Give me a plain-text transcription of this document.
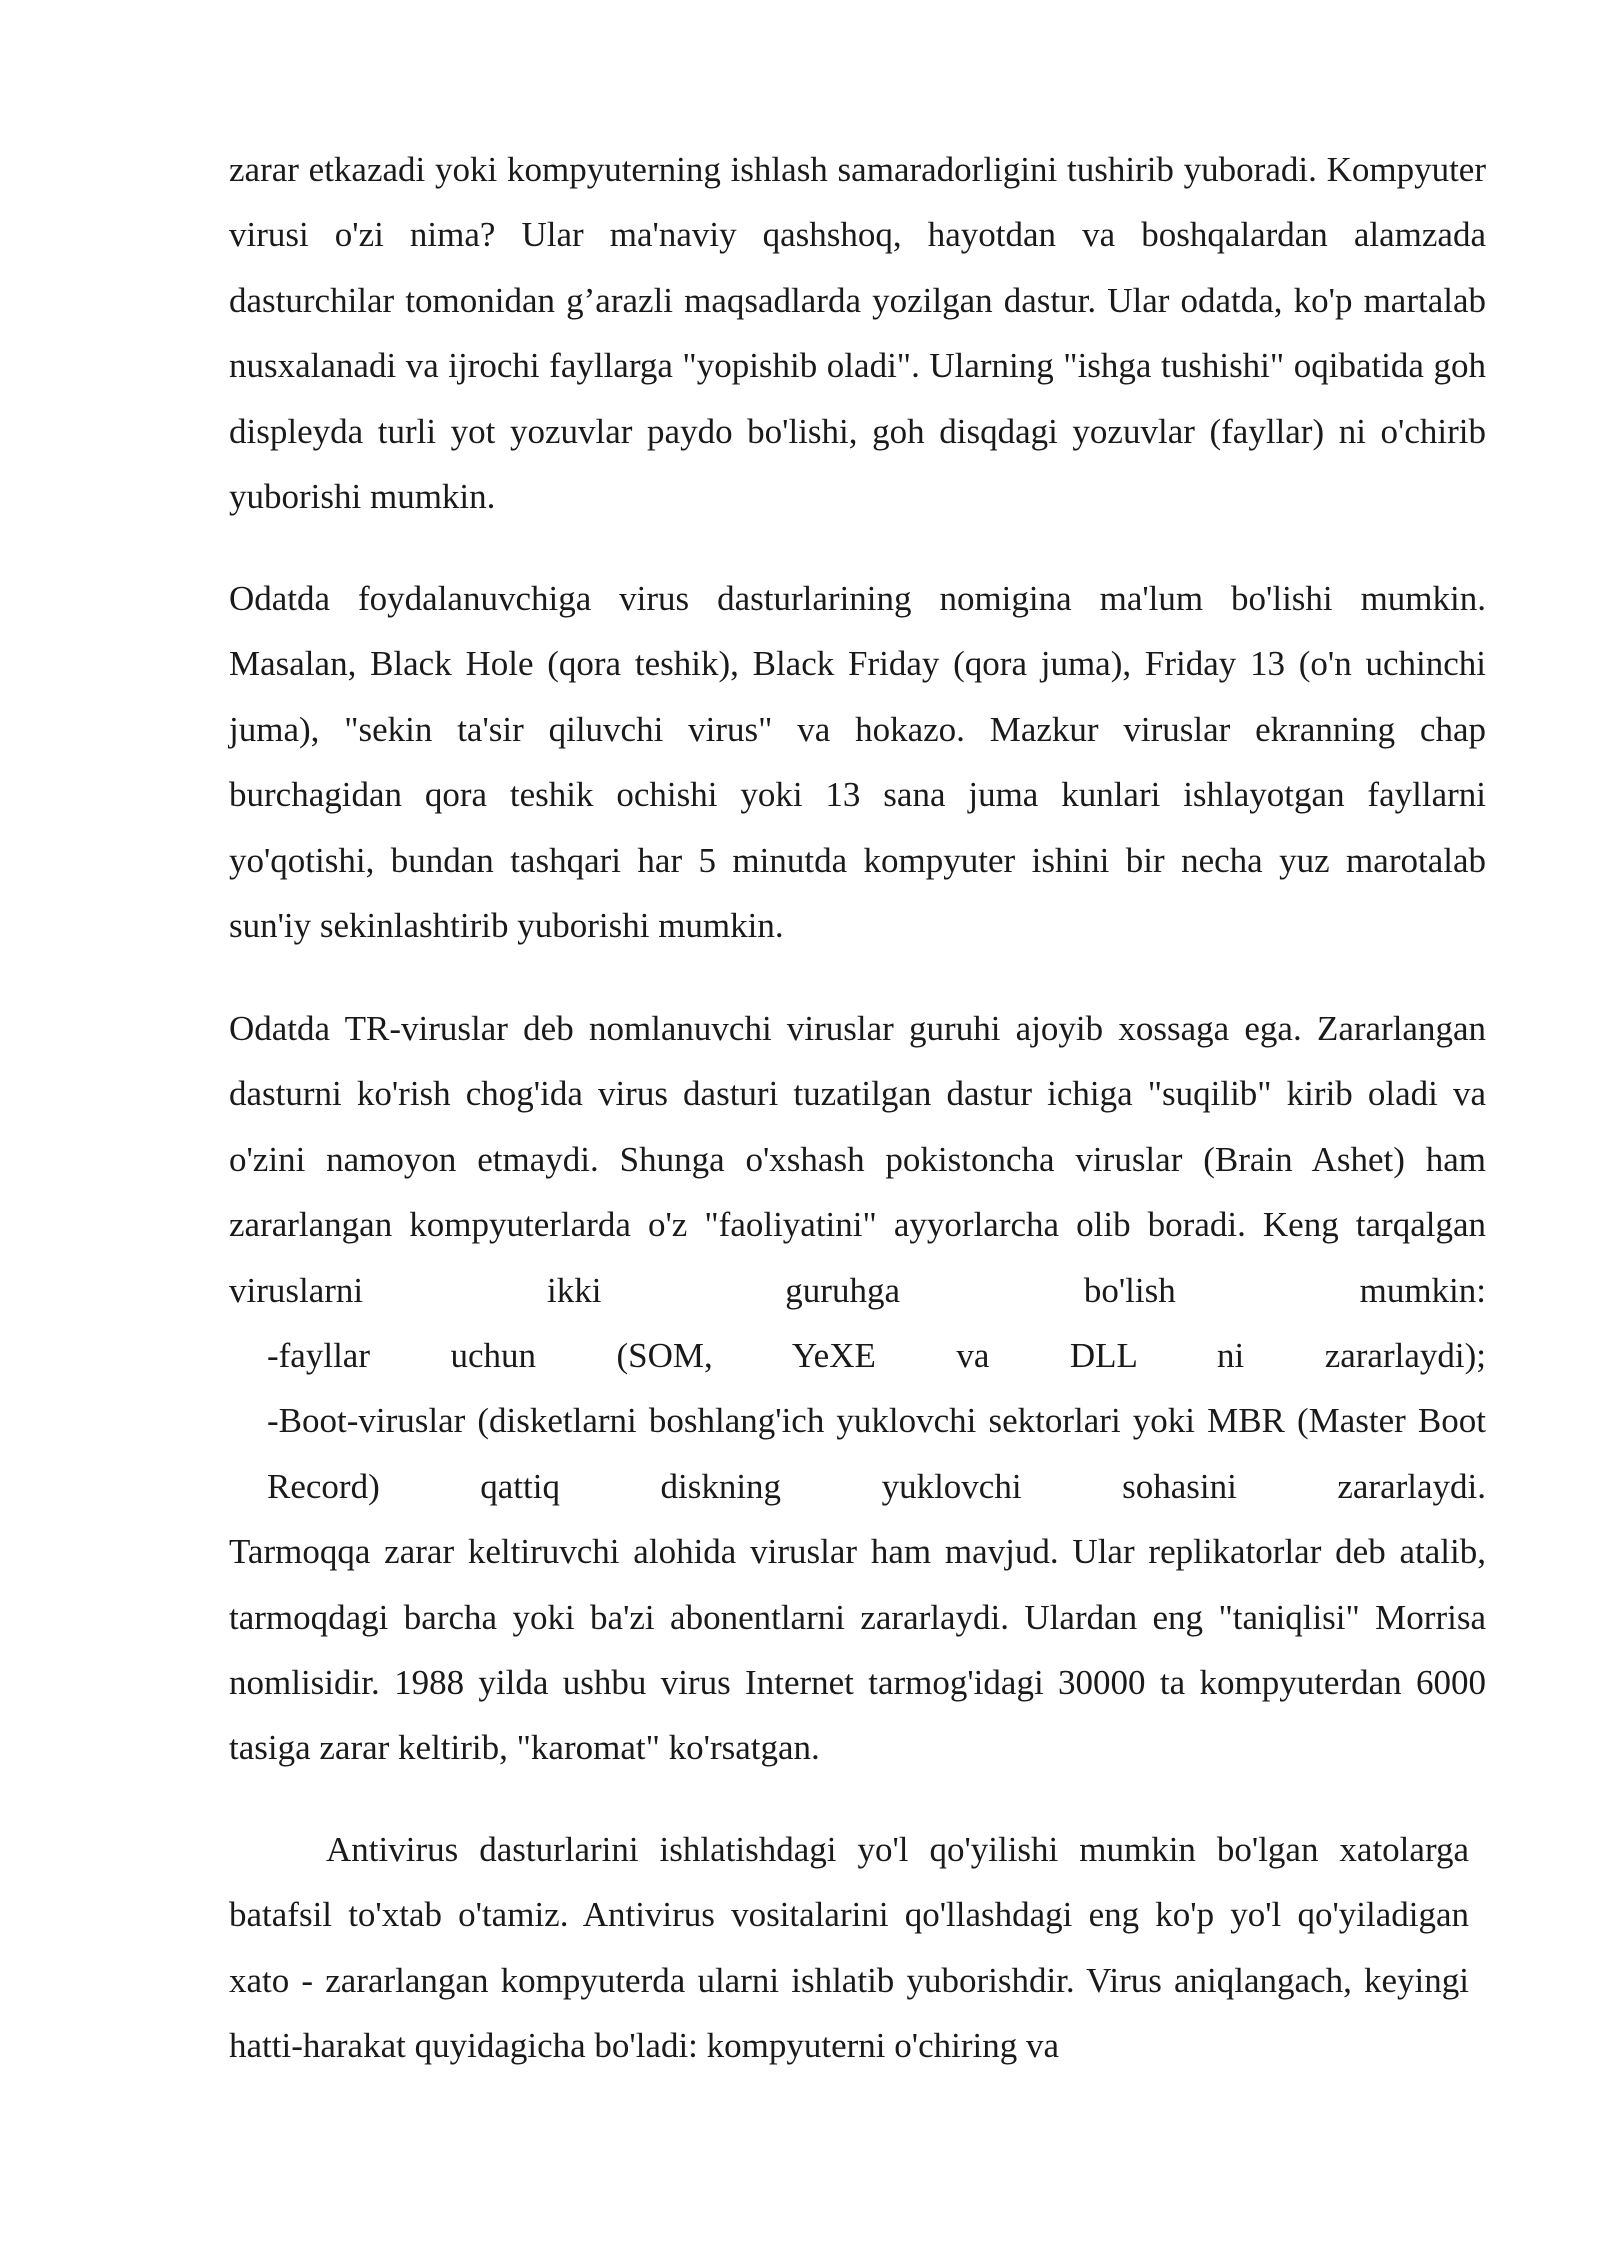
zarar etkazadi yoki kompyuterning ishlash samaradorligini tushirib yuboradi. Kompyuter virusi o'zi nima? Ular ma'naviy qashshoq, hayotdan va boshqalardan alamzada dasturchilar tomonidan g’arazli maqsadlarda yozilgan dastur. Ular odatda, ko'p martalab nusxalanadi va ijrochi fayllarga "yopishib oladi". Ularning "ishga tushishi" oqibatida goh displeyda turli yot yozuvlar paydo bo'lishi, goh disqdagi yozuvlar (fayllar) ni o'chirib yuborishi mumkin.

Odatda foydalanuvchiga virus dasturlarining nomigina ma'lum bo'lishi mumkin. Masalan, Black Hole (qora teshik), Black Friday (qora juma), Friday 13 (o'n uchinchi juma), "sekin ta'sir qiluvchi virus" va hokazo. Mazkur viruslar ekranning chap burchagidan qora teshik ochishi yoki 13 sana juma kunlari ishlayotgan fayllarni yo'qotishi, bundan tashqari har 5 minutda kompyuter ishini bir necha yuz marotalab sun'iy sekinlashtirib yuborishi mumkin.

Odatda TR-viruslar deb nomlanuvchi viruslar guruhi ajoyib xossaga ega. Zararlangan dasturni ko'rish chog'ida virus dasturi tuzatilgan dastur ichiga "suqilib" kirib oladi va o'zini namoyon etmaydi. Shunga o'xshash pokistoncha viruslar (Brain Ashet) ham zararlangan kompyuterlarda o'z "faoliyatini" ayyorlarcha olib boradi. Keng tarqalgan viruslarni ikki guruhga bo'lish mumkin:

-fayllar uchun (SOM, YeXE va DLL ni zararlaydi);

-Boot-viruslar (disketlarni boshlang'ich yuklovchi sektorlari yoki MBR (Master Boot Record) qattiq diskning yuklovchi sohasini zararlaydi.

Tarmoqqa zarar keltiruvchi alohida viruslar ham mavjud. Ular replikatorlar deb atalib, tarmoqdagi barcha yoki ba'zi abonentlarni zararlaydi. Ulardan eng "taniqlisi" Morrisa nomlisidir. 1988 yilda ushbu virus Internet tarmog'idagi 30000 ta kompyuterdan 6000 tasiga zarar keltirib, "karomat" ko'rsatgan.

Antivirus dasturlarini ishlatishdagi yo'l qo'yilishi mumkin bo'lgan xatolarga batafsil to'xtab o'tamiz. Antivirus vositalarini qo'llashdagi eng ko'p yo'l qo'yiladigan xato - zararlangan kompyuterda ularni ishlatib yuborishdir. Virus aniqlangach, keyingi hatti-harakat quyidagicha bo'ladi: kompyuterni o'chiring va
